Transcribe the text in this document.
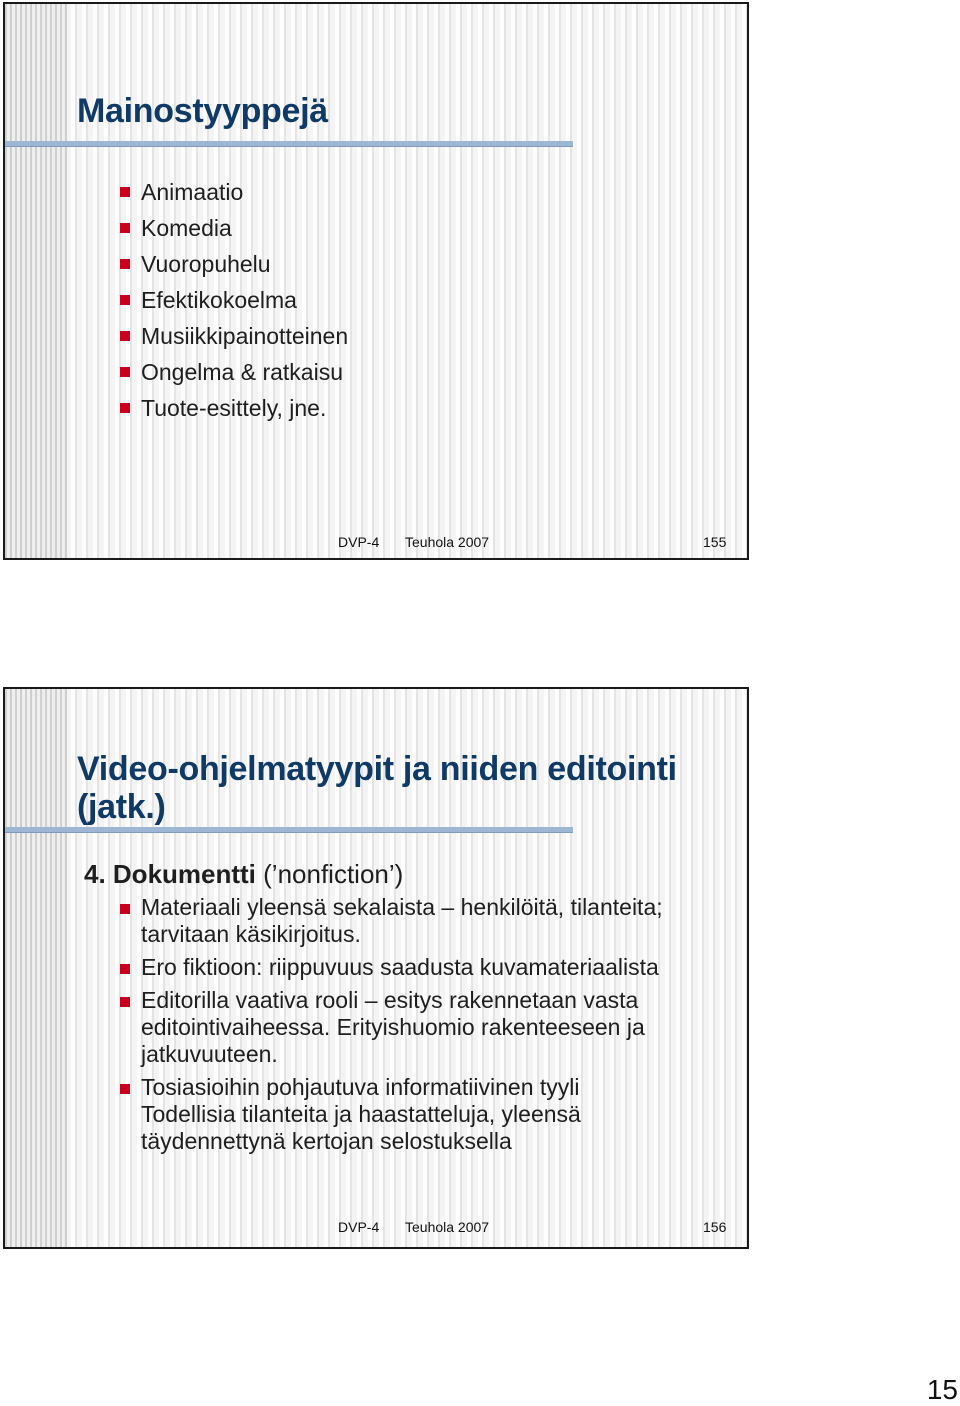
Mainostyyppejä
Animaatio
Komedia
Vuoropuhelu
Efektikokoelma
Musiikkipainotteinen
Ongelma & ratkaisu
Tuote-esittely, jne.
DVP-4 Teuhola 2007	155
Video-ohjelmatyypit ja niiden editointi
(jatk.)

4. Dokumentti (’nonfiction’)

Materiaali yleensä sekalaista – henkilöitä, tilanteita;
tarvitaan käsikirjoitus.
Ero fiktioon: riippuvuus saadusta kuvamateriaalista
Editorilla vaativa rooli – esitys rakennetaan vasta
editointivaiheessa. Erityishuomio rakenteeseen ja
jatkuvuuteen.
Tosiasioihin pohjautuva informatiivinen tyyli
Todellisia tilanteita ja haastatteluja, yleensä
täydennettynä kertojan selostuksella
DVP-4 Teuhola 2007	156
15
